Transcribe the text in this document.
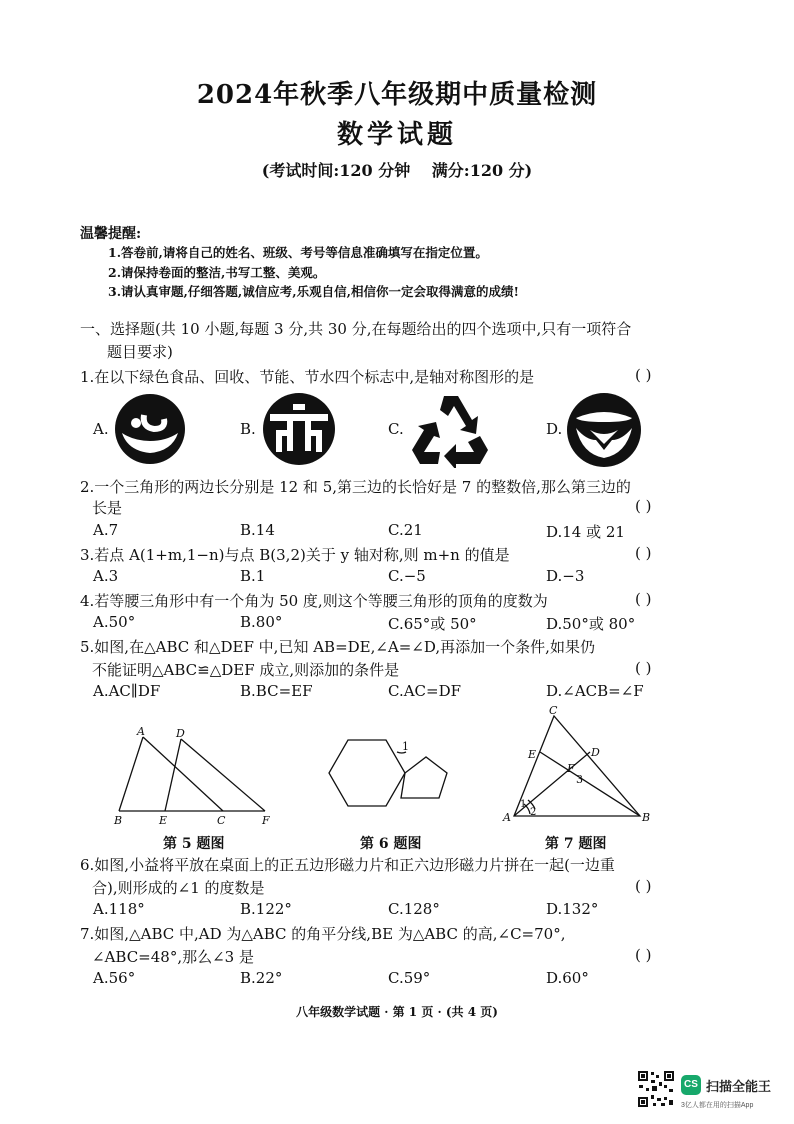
2024年秋季八年级期中质量检测
数学试题
(考试时间:120 分钟 满分:120 分)
温馨提醒:
1.答卷前,请将自己的姓名、班级、考号等信息准确填写在指定位置。
2.请保持卷面的整洁,书写工整、美观。
3.请认真审题,仔细答题,诚信应考,乐观自信,相信你一定会取得满意的成绩!
一、选择题(共 10 小题,每题 3 分,共 30 分,在每题给出的四个选项中,只有一项符合
题目要求)
1.在以下绿色食品、回收、节能、节水四个标志中,是轴对称图形的是	( )
A.	B.	C.	D.
2.一个三角形的两边长分别是 12 和 5,第三边的长恰好是 7 的整数倍,那么第三边的
长是	( )
A.7	B.14	C.21	D.14 或 21
3.若点 A(1+m,1−n)与点 B(3,2)关于 y 轴对称,则 m+n 的值是	( )
A.3	B.1	C.−5	D.−3
4.若等腰三角形中有一个角为 50 度,则这个等腰三角形的顶角的度数为	( )
A.50°	B.80°	C.65°或 50°	D.50°或 80°
5.如图,在△ABC 和△DEF 中,已知 AB=DE,∠A=∠D,再添加一个条件,如果仍
不能证明△ABC≌△DEF 成立,则添加的条件是	( )
A.AC∥DF	B.BC=EF	C.AC=DF	D.∠ACB=∠F
A	D
B	E	C	F
第 5 题图
1
第 6 题图
C
E	D
F
3
1
2
A	B
第 7 题图
6.如图,小益将平放在桌面上的正五边形磁力片和正六边形磁力片拼在一起(一边重
合),则形成的∠1 的度数是	( )
A.118°	B.122°	C.128°	D.132°
7.如图,△ABC 中,AD 为△ABC 的角平分线,BE 为△ABC 的高,∠C=70°,
∠ABC=48°,那么∠3 是	( )
A.56°	B.22°	C.59°	D.60°
八年级数学试题 · 第 1 页 · (共 4 页)
CS 扫描全能王
3亿人都在用的扫描App
